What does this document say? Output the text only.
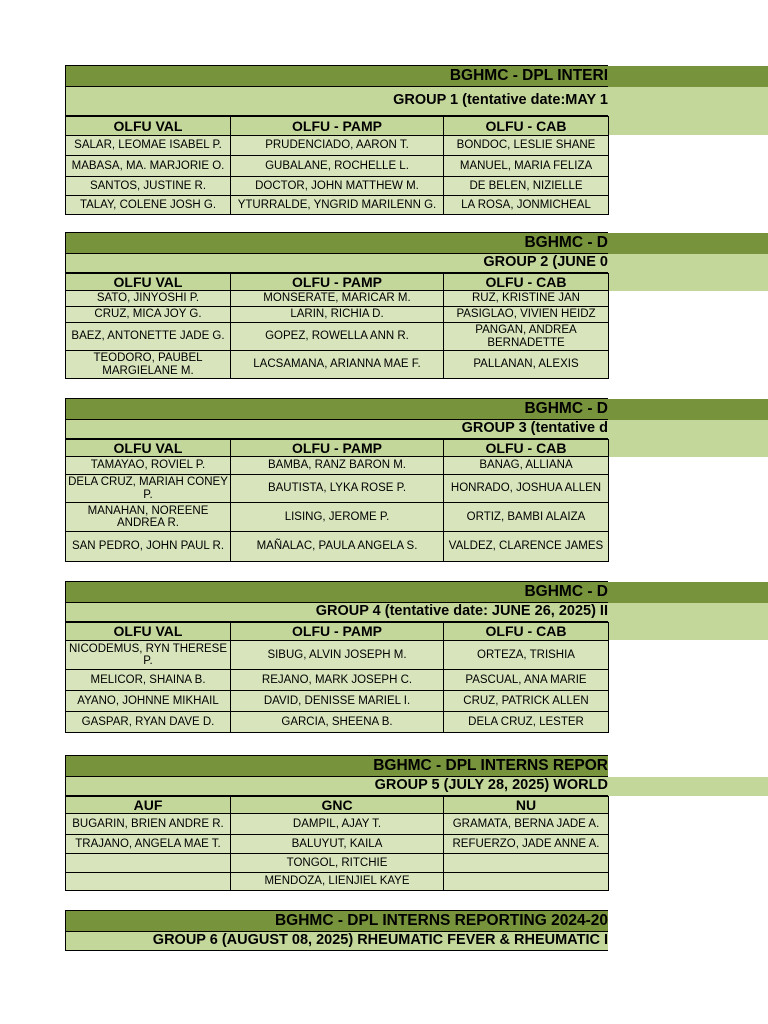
BGHMC - DPL INTERI
GROUP 1 (tentative date:MAY 1
OLFU VAL	OLFU - PAMP	OLFU - CAB
SALAR, LEOMAE ISABEL P.	PRUDENCIADO, AARON T.	BONDOC, LESLIE SHANE
MABASA, MA. MARJORIE O.	GUBALANE, ROCHELLE L.	MANUEL, MARIA FELIZA
SANTOS, JUSTINE R.	DOCTOR, JOHN MATTHEW M.	DE BELEN, NIZIELLE
TALAY, COLENE JOSH G.	YTURRALDE, YNGRID MARILENN G.	LA ROSA, JONMICHEAL
BGHMC - D
GROUP 2 (JUNE 0
OLFU VAL	OLFU - PAMP	OLFU - CAB
SATO, JINYOSHI P.	MONSERATE, MARICAR M.	RUZ, KRISTINE JAN
CRUZ, MICA JOY G.	LARIN, RICHIA D.	PASIGLAO, VIVIEN HEIDZ
BAEZ, ANTONETTE JADE G.	GOPEZ, ROWELLA ANN R.	PANGAN, ANDREA BERNADETTE
TEODORO, PAUBEL MARGIELANE M.	LACSAMANA, ARIANNA MAE F.	PALLANAN, ALEXIS
BGHMC - D
GROUP 3 (tentative d
OLFU VAL	OLFU - PAMP	OLFU - CAB
TAMAYAO, ROVIEL P.	BAMBA, RANZ BARON M.	BANAG, ALLIANA
DELA CRUZ, MARIAH CONEY P.	BAUTISTA, LYKA ROSE P.	HONRADO, JOSHUA ALLEN
MANAHAN, NOREENE ANDREA R.	LISING, JEROME P.	ORTIZ, BAMBI ALAIZA
SAN PEDRO, JOHN PAUL R.	MAÑALAC, PAULA ANGELA S.	VALDEZ, CLARENCE JAMES
BGHMC - D
GROUP 4 (tentative date: JUNE 26, 2025) II
OLFU VAL	OLFU - PAMP	OLFU - CAB
NICODEMUS, RYN THERESE P.	SIBUG, ALVIN JOSEPH M.	ORTEZA, TRISHIA
MELICOR, SHAINA B.	REJANO, MARK JOSEPH C.	PASCUAL, ANA MARIE
AYANO, JOHNNE MIKHAIL	DAVID, DENISSE MARIEL I.	CRUZ, PATRICK ALLEN
GASPAR, RYAN DAVE D.	GARCIA, SHEENA B.	DELA CRUZ, LESTER
BGHMC - DPL INTERNS REPOR
GROUP 5 (JULY 28, 2025) WORLD
AUF	GNC	NU
BUGARIN, BRIEN ANDRE R.	DAMPIL, AJAY T.	GRAMATA, BERNA JADE A.
TRAJANO, ANGELA MAE T.	BALUYUT, KAILA	REFUERZO, JADE ANNE A.
	TONGOL, RITCHIE	
	MENDOZA, LIENJIEL KAYE	
BGHMC - DPL INTERNS REPORTING 2024-20
GROUP 6 (AUGUST 08, 2025) RHEUMATIC FEVER & RHEUMATIC I
